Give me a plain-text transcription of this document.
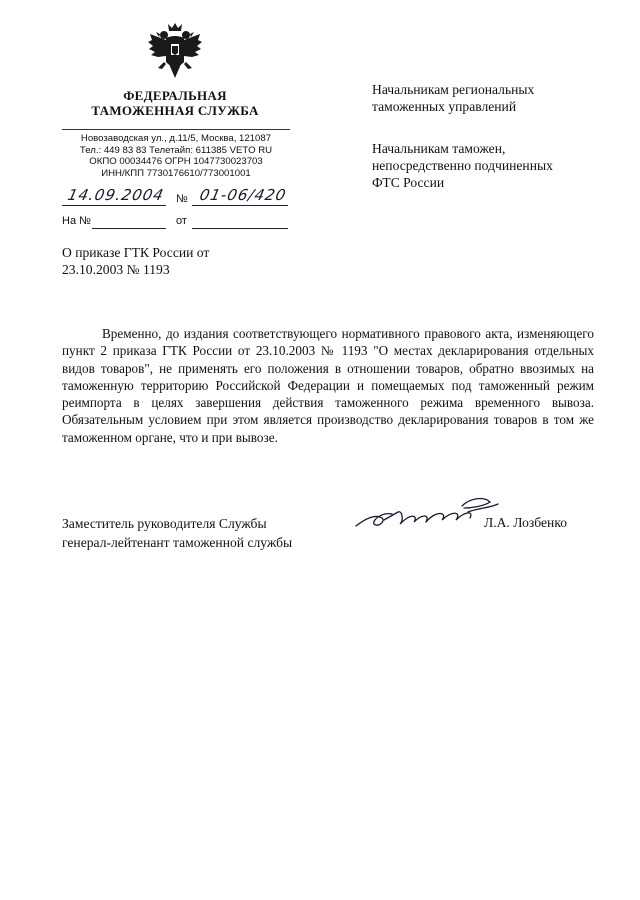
ФЕДЕРАЛЬНАЯ
ТАМОЖЕННАЯ СЛУЖБА
Новозаводская ул., д.11/5, Москва, 121087
Тел.: 449 83 83 Телетайп: 611385 VETO RU
ОКПО 00034476 ОГРН 1047730023703
ИНН/КПП 7730176610/773001001
14.09.2004 № 01-06/420
На №	от
Начальникам региональных
таможенных управлений
Начальникам таможен,
непосредственно подчиненных
ФТС России
О приказе ГТК России от
23.10.2003 № 1193
Временно, до издания соответствующего нормативного правового акта, изменяющего пункт 2 приказа ГТК России от 23.10.2003 № 1193 "О местах декларирования отдельных видов товаров", не применять его положения в отношении товаров, обратно ввозимых на таможенную территорию Российской Федерации и помещаемых под таможенный режим реимпорта в целях завершения действия таможенного режима временного вывоза. Обязательным условием при этом является производство декларирования товаров в том же таможенном органе, что и при вывозе.
Заместитель руководителя Службы
генерал-лейтенант таможенной службы
Л.А. Лозбенко
